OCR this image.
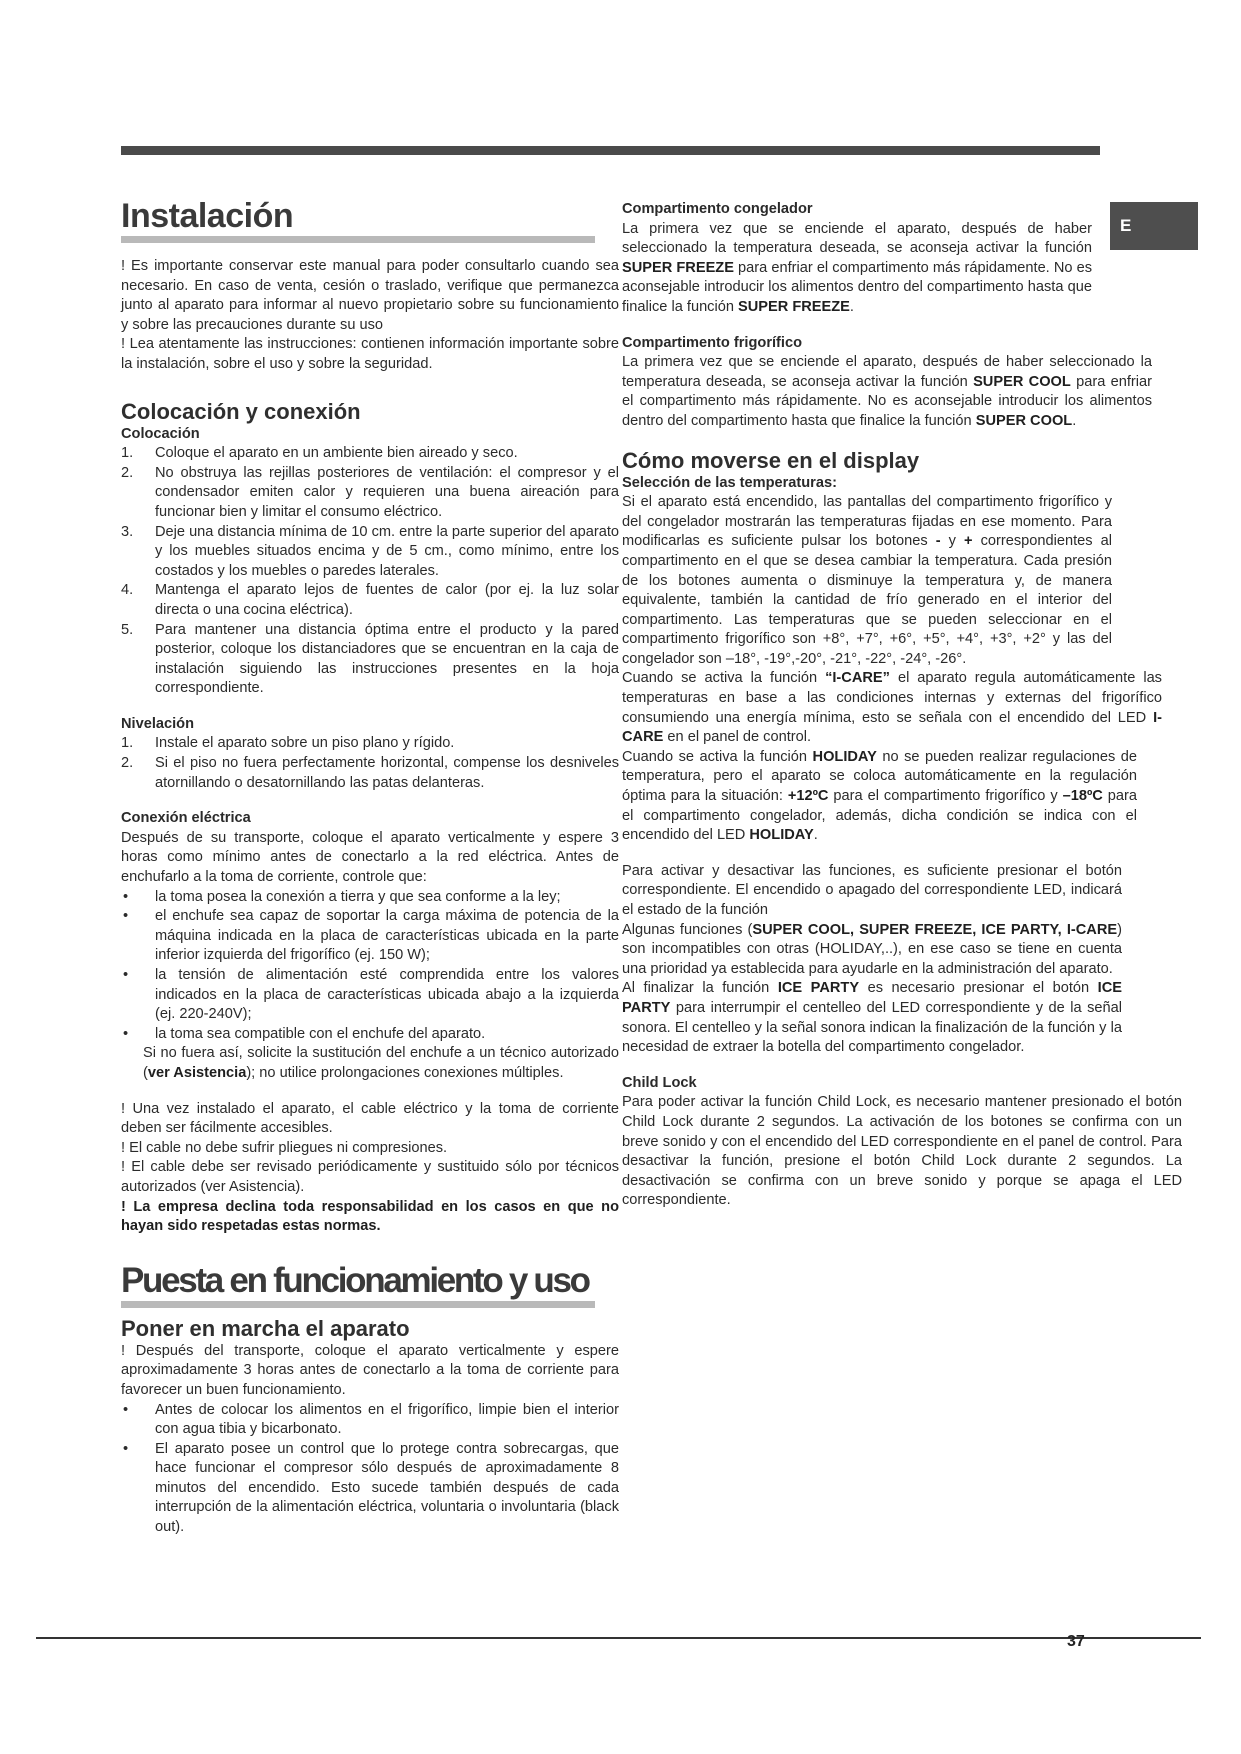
E
Instalación

! Es importante conservar este manual para poder consultarlo cuando sea necesario. En caso de venta, cesión o traslado, verifique que permanezca junto al aparato para informar al nuevo propietario sobre su funcionamiento y sobre las precauciones durante su uso

! Lea atentamente las instrucciones: contienen información importante sobre la instalación, sobre el uso y sobre la seguridad.

Colocación y conexión
Colocación
1.	Coloque el aparato en un ambiente bien aireado y seco.
2.	No obstruya las rejillas posteriores de ventilación: el compresor y el condensador emiten calor y requieren una buena aireación para funcionar bien y limitar el consumo eléctrico.
3.	Deje una distancia mínima de 10 cm. entre la parte superior del aparato y los muebles situados encima y de 5 cm., como mínimo, entre los costados y los muebles o paredes laterales.
4.	Mantenga el aparato lejos de fuentes de calor (por ej. la luz solar directa o una cocina eléctrica).
5.	Para mantener una distancia óptima entre el producto y la pared posterior, coloque los distanciadores que se encuentran en la caja de instalación siguiendo las instrucciones presentes en la hoja correspondiente.
Nivelación
1.	Instale el aparato sobre un piso plano y rígido.
2.	Si el piso no fuera perfectamente horizontal, compense los desniveles atornillando o desatornillando las patas delanteras.
Conexión eléctrica

Después de su transporte, coloque el aparato verticalmente y espere 3 horas como mínimo antes de conectarlo a la red eléctrica. Antes de enchufarlo a la toma de corriente, controle que:

•	la toma posea la conexión a tierra y que sea conforme a la ley;
•	el enchufe sea capaz de soportar la carga máxima de potencia de la máquina indicada en la placa de características ubicada en la parte inferior izquierda del frigorífico (ej. 150 W);
•	la tensión de alimentación esté comprendida entre los valores indicados en la placa de características ubicada abajo a la izquierda (ej. 220-240V);
•	la toma sea compatible con el enchufe del aparato.

Si no fuera así, solicite la sustitución del enchufe a un técnico autorizado (ver Asistencia); no utilice prolongaciones conexiones múltiples.

! Una vez instalado el aparato, el cable eléctrico y la toma de corriente deben ser fácilmente accesibles.

! El cable no debe sufrir pliegues ni compresiones.

! El cable debe ser revisado periódicamente y sustituido sólo por técnicos autorizados (ver Asistencia).

! La empresa declina toda responsabilidad en los casos en que no hayan sido respetadas estas normas.

Puesta en funcionamiento y uso
Poner en marcha el aparato

! Después del transporte, coloque el aparato verticalmente y espere aproximadamente 3 horas antes de conectarlo a la toma de corriente para favorecer un buen funcionamiento.

•	Antes de colocar los alimentos en el frigorífico, limpie bien el interior con agua tibia y bicarbonato.
•	El aparato posee un control que lo protege contra sobrecargas, que hace funcionar el compresor sólo después de aproximadamente 8 minutos del encendido. Esto sucede también después de cada interrupción de la alimentación eléctrica, voluntaria o involuntaria (black out).
Compartimento congelador

La primera vez que se enciende el aparato, después de haber seleccionado la temperatura deseada, se aconseja activar la función SUPER FREEZE para enfriar el compartimento más rápidamente. No es aconsejable introducir los alimentos dentro del compartimento hasta que finalice la función SUPER FREEZE.

Compartimento frigorífico

La primera vez que se enciende el aparato, después de haber seleccionado la temperatura deseada, se aconseja activar la función SUPER COOL para enfriar el compartimento más rápidamente. No es aconsejable introducir los alimentos dentro del compartimento hasta que finalice la función SUPER COOL.

Cómo moverse en el display
Selección de las temperaturas:

Si el aparato está encendido, las pantallas del compartimento frigorífico y del congelador mostrarán las temperaturas fijadas en ese momento. Para modificarlas es suficiente pulsar los botones - y + correspondientes al compartimento en el que se desea cambiar la temperatura. Cada presión de los botones aumenta o disminuye la temperatura y, de manera equivalente, también la cantidad de frío generado en el interior del compartimento. Las temperaturas que se pueden seleccionar en el compartimento frigorífico son +8°, +7°, +6°, +5°, +4°, +3°, +2° y las del congelador son –18°, -19°,-20°, -21°, -22°, -24°, -26°.

Cuando se activa la función “I-CARE” el aparato regula automáticamente las temperaturas en base a las condiciones internas y externas del frigorífico consumiendo una energía mínima, esto se señala con el encendido del LED I-CARE en el panel de control.

Cuando se activa la función HOLIDAY no se pueden realizar regulaciones de temperatura, pero el aparato se coloca automáticamente en la regulación óptima para la situación: +12ºC para el compartimento frigorífico y –18ºC para el compartimento congelador, además, dicha condición se indica con el encendido del LED HOLIDAY.

Para activar y desactivar las funciones, es suficiente presionar el botón correspondiente. El encendido o apagado del correspondiente LED, indicará el estado de la función

Algunas funciones (SUPER COOL, SUPER FREEZE, ICE PARTY, I-CARE) son incompatibles con otras (HOLIDAY,..), en ese caso se tiene en cuenta una prioridad ya establecida para ayudarle en la administración del aparato.

Al finalizar la función ICE PARTY es necesario presionar el botón ICE PARTY para interrumpir el centelleo del LED correspondiente y de la señal sonora. El centelleo y la señal sonora indican la finalización de la función y la necesidad de extraer la botella del compartimento congelador.

Child Lock

Para poder activar la función Child Lock, es necesario mantener presionado el botón Child Lock durante 2 segundos. La activación de los botones se confirma con un breve sonido y con el encendido del LED correspondiente en el panel de control. Para desactivar la función, presione el botón Child Lock durante 2 segundos. La desactivación se confirma con un breve sonido y porque se apaga el LED correspondiente.

37
